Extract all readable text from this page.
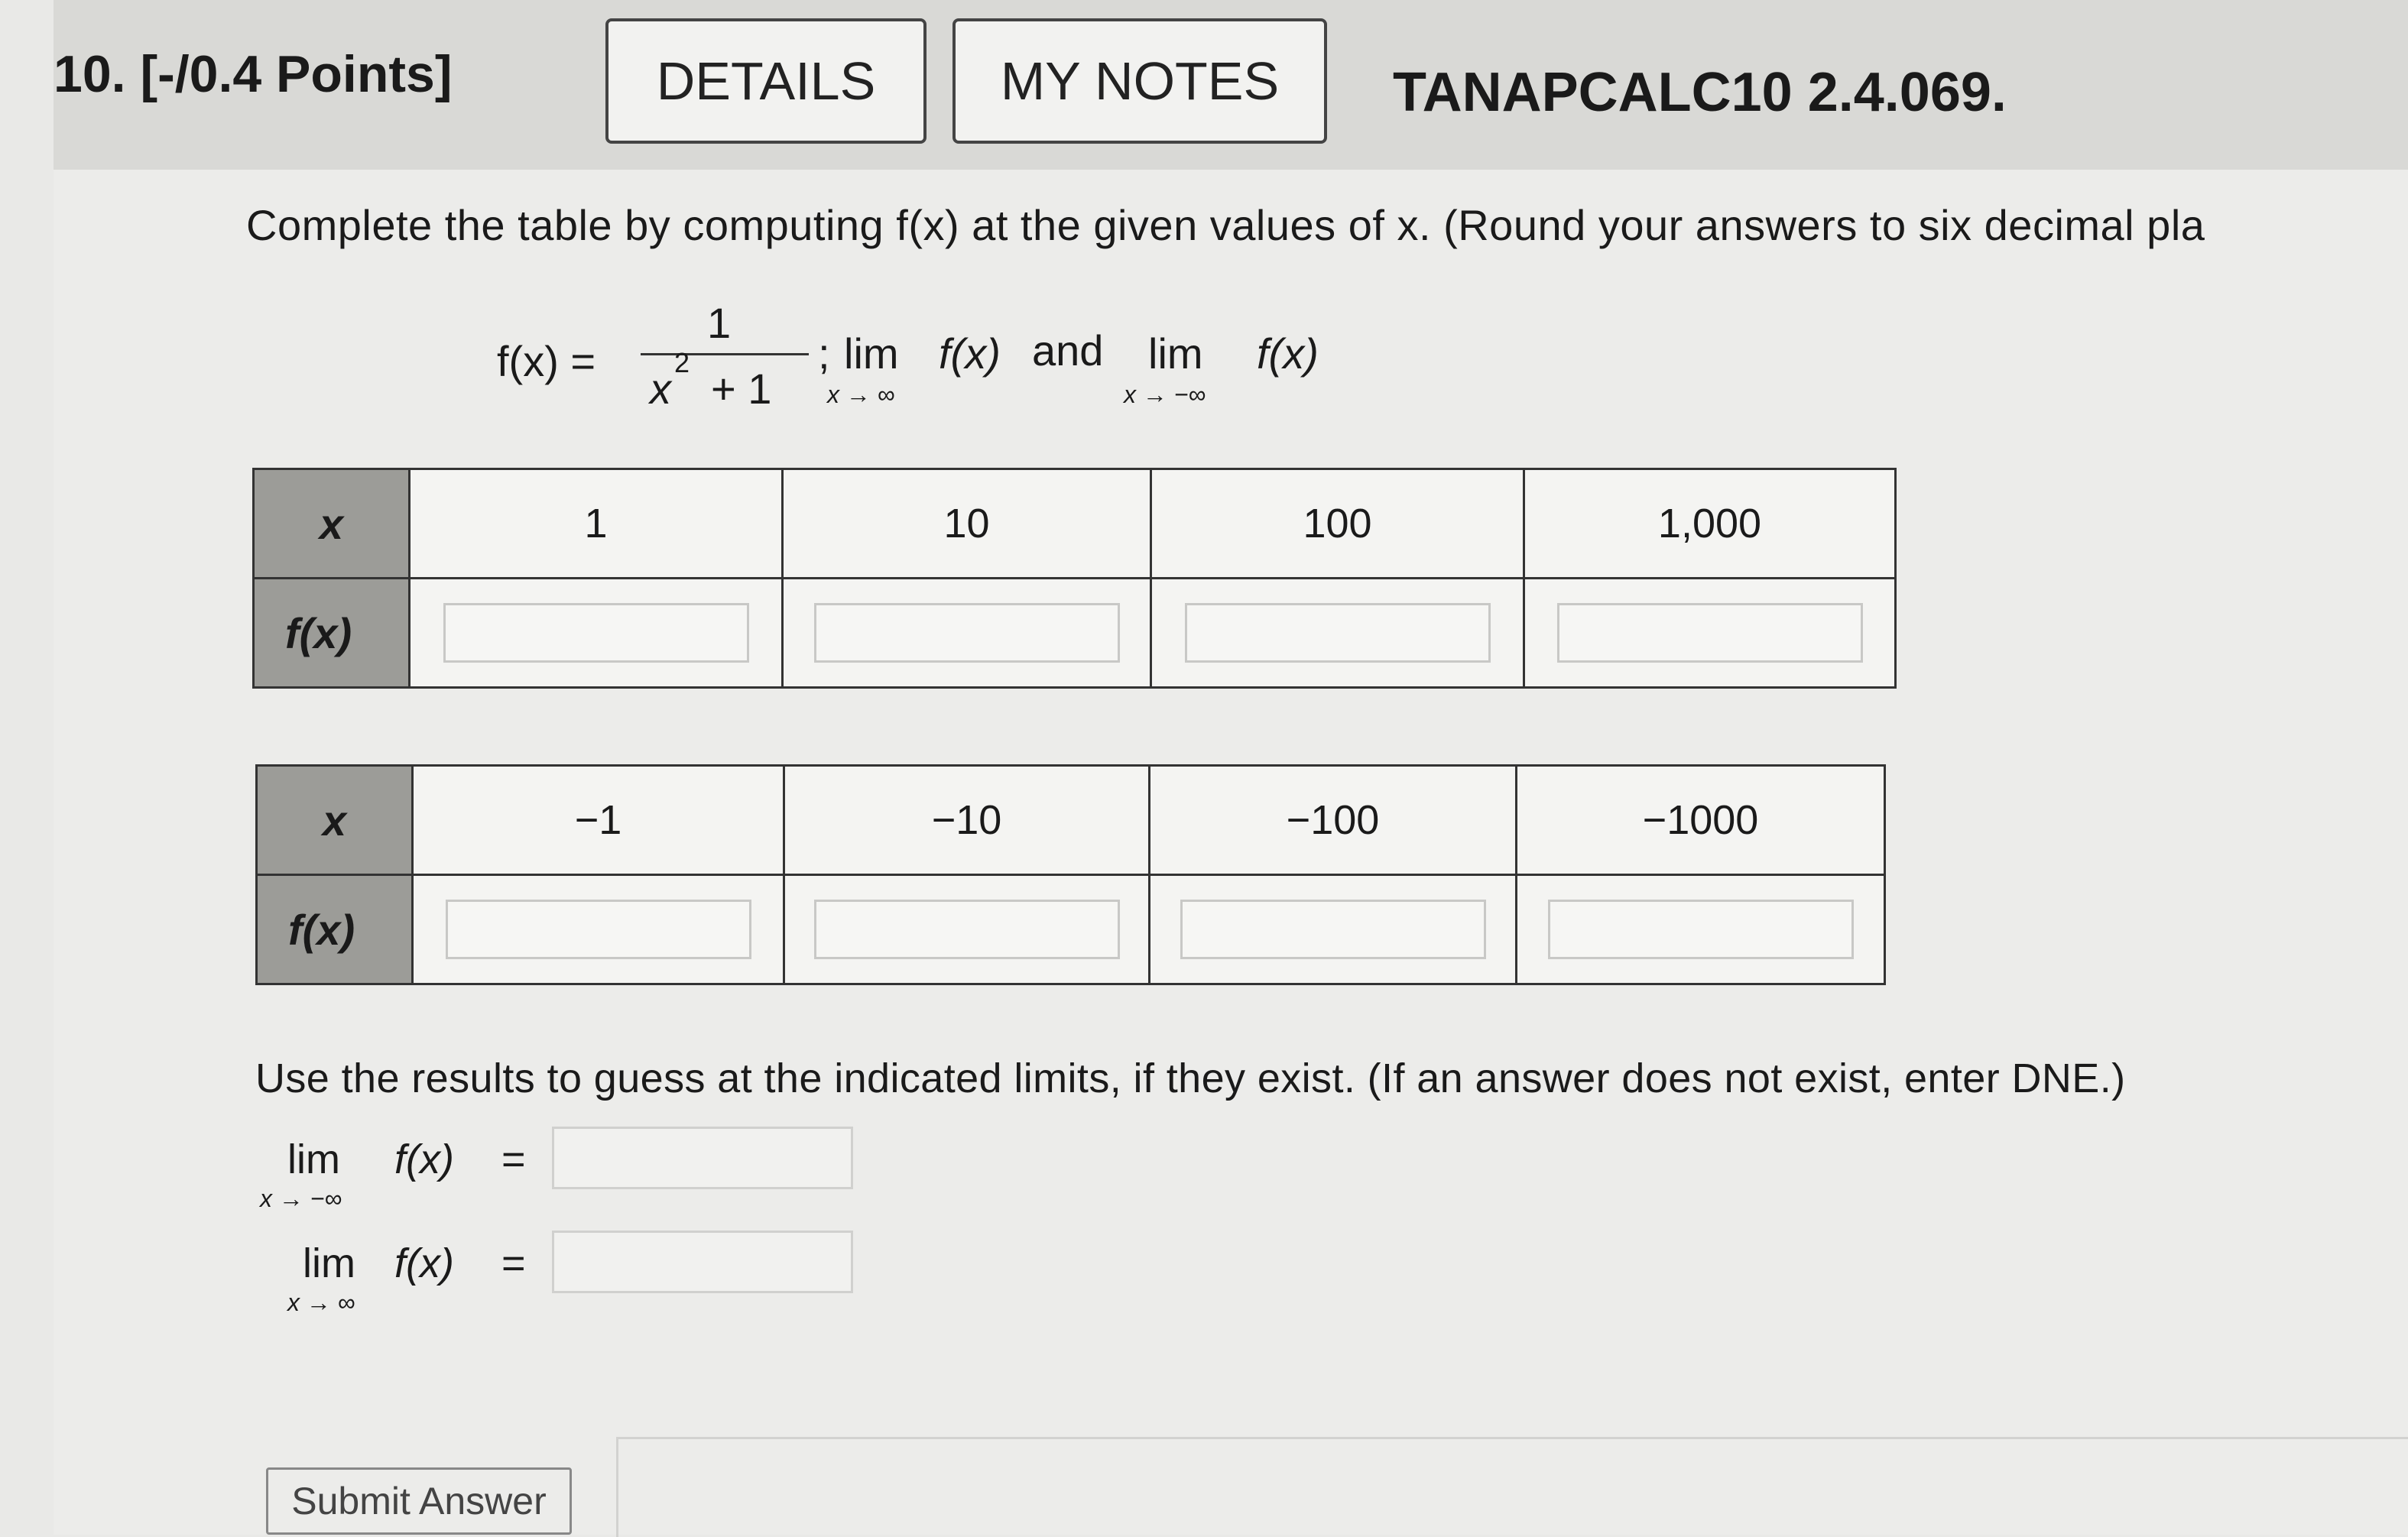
10. [-/0.4 Points]	DETAILS	MY NOTES	TANAPCALC10 2.4.069.
Complete the table by computing f(x) at the given values of x. (Round your answers to six decimal pla
f(x) =
1
x
2
+ 1
; lim
x → ∞
f(x) and lim
x → −∞
f(x)
x	1	10	100	1,000
f(x)	

x	−1	−10	−100	−1000
f(x)	

Use the results to guess at the indicated limits, if they exist. (If an answer does not exist, enter DNE.)
lim
x → −∞
f(x) =
lim
x → ∞
f(x) =
Submit Answer
